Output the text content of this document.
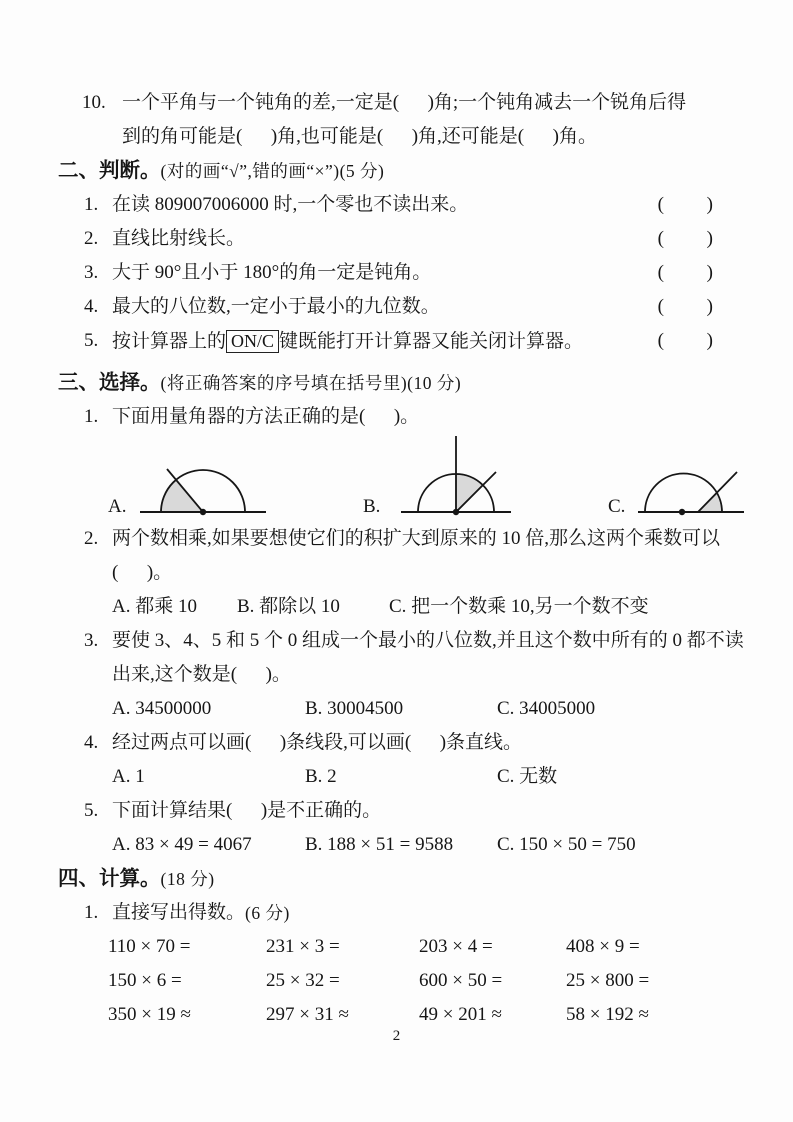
10. 一个平角与一个钝角的差,一定是(      )角;一个钝角减去一个锐角后得
到的角可能是(      )角,也可能是(      )角,还可能是(      )角。
二、判断。(对的画“√”,错的画“×”)(5 分)
1. 在读 809007006000 时,一个零也不读出来。	(         )
2. 直线比射线长。	(         )
3. 大于 90°且小于 180°的角一定是钝角。	(         )
4. 最大的八位数,一定小于最小的九位数。	(         )
5. 按计算器上的 ON/C 键既能打开计算器又能关闭计算器。	(         )
三、选择。(将正确答案的序号填在括号里)(10 分)
1. 下面用量角器的方法正确的是(      )。
A.	B.	C.
2. 两个数相乘,如果要想使它们的积扩大到原来的 10 倍,那么这两个乘数可以
(      )。
A. 都乘 10	B. 都除以 10	C. 把一个数乘 10,另一个数不变
3. 要使 3、4、5 和 5 个 0 组成一个最小的八位数,并且这个数中所有的 0 都不读
出来,这个数是(      )。
A. 34500000	B. 30004500	C. 34005000
4. 经过两点可以画(      )条线段,可以画(      )条直线。
A. 1	B. 2	C. 无数
5. 下面计算结果(      )是不正确的。
A. 83 × 49 = 4067	B. 188 × 51 = 9588	C. 150 × 50 = 750
四、计算。(18 分)
1. 直接写出得数。 (6 分)
110 × 70 =	231 × 3 =	203 × 4 =	408 × 9 =
150 × 6 =	25 × 32 =	600 × 50 =	25 × 800 =
350 × 19 ≈	297 × 31 ≈	49 × 201 ≈	58 × 192 ≈
2
